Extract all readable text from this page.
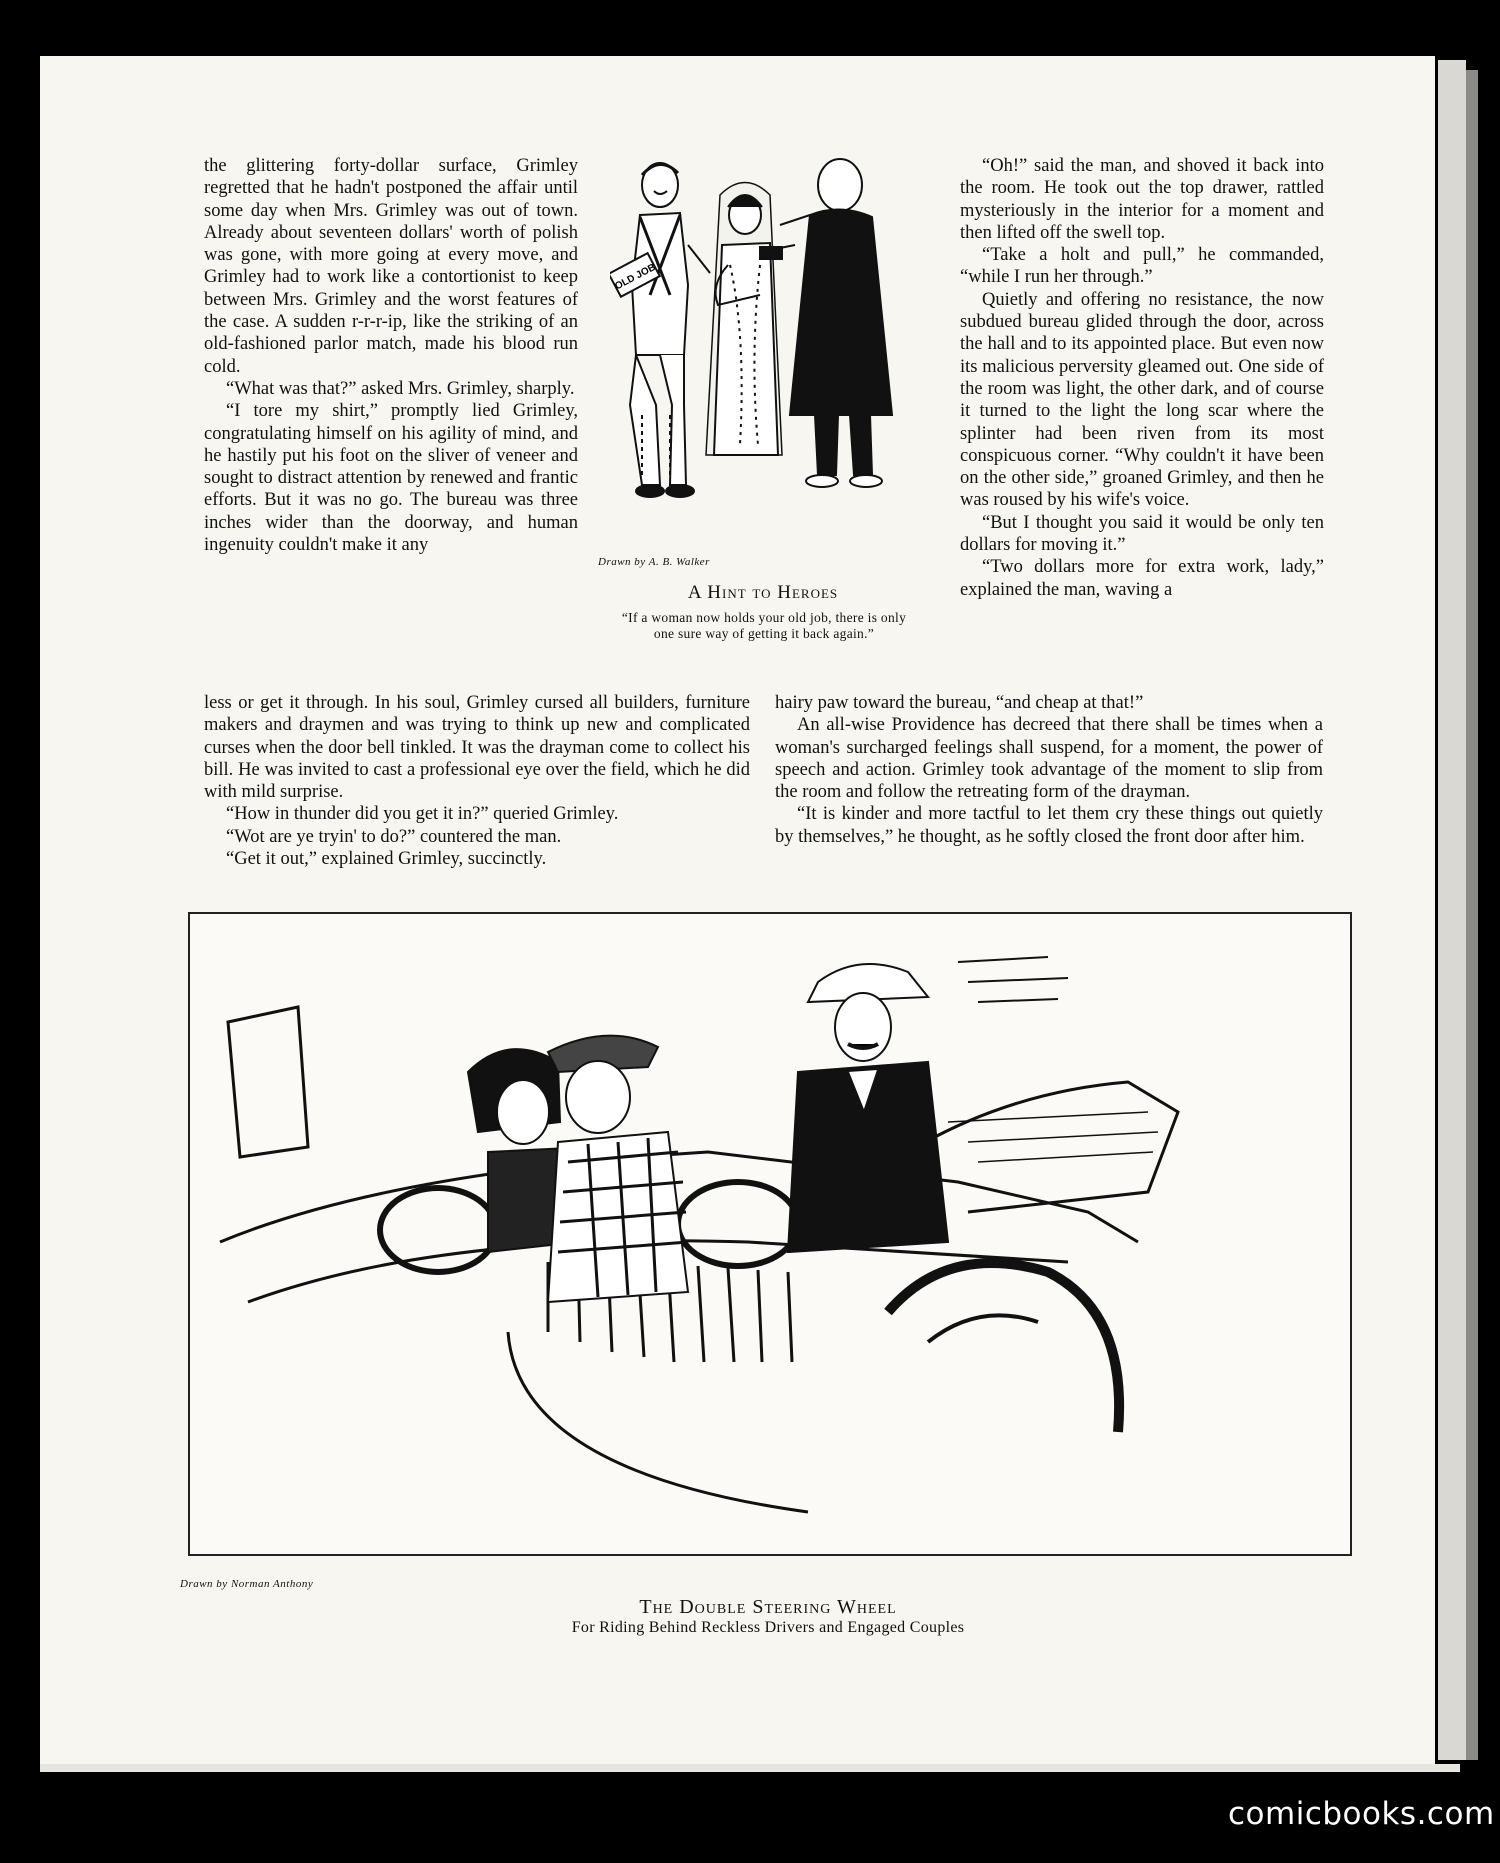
the glittering forty-dollar surface, Grimley regretted that he hadn't postponed the affair until some day when Mrs. Grimley was out of town. Already about seventeen dollars' worth of polish was gone, with more going at every move, and Grimley had to work like a contortionist to keep between Mrs. Grimley and the worst features of the case. A sudden r-r-r-ip, like the striking of an old-fashioned parlor match, made his blood run cold.

“What was that?” asked Mrs. Grimley, sharply.

“I tore my shirt,” promptly lied Grimley, congratulating himself on his agility of mind, and he hastily put his foot on the sliver of veneer and sought to distract attention by renewed and frantic efforts. But it was no go. The bureau was three inches wider than the doorway, and human ingenuity couldn't make it any

OLD JOB
Drawn by A. B. Walker
A Hint to Heroes
“If a woman now holds your old job, there is only one sure way of getting it back again.”

“Oh!” said the man, and shoved it back into the room. He took out the top drawer, rattled mysteriously in the interior for a moment and then lifted off the swell top.

“Take a holt and pull,” he commanded, “while I run her through.”

Quietly and offering no resistance, the now subdued bureau glided through the door, across the hall and to its appointed place. But even now its malicious perversity gleamed out. One side of the room was light, the other dark, and of course it turned to the light the long scar where the splinter had been riven from its most conspicuous corner. “Why couldn't it have been on the other side,” groaned Grimley, and then he was roused by his wife's voice.

“But I thought you said it would be only ten dollars for moving it.”

“Two dollars more for extra work, lady,” explained the man, waving a

less or get it through. In his soul, Grimley cursed all builders, furniture makers and draymen and was trying to think up new and complicated curses when the door bell tinkled. It was the drayman come to collect his bill. He was invited to cast a professional eye over the field, which he did with mild surprise.

“How in thunder did you get it in?” queried Grimley.

“Wot are ye tryin' to do?” countered the man.

“Get it out,” explained Grimley, succinctly.

hairy paw toward the bureau, “and cheap at that!”

An all-wise Providence has decreed that there shall be times when a woman's surcharged feelings shall suspend, for a moment, the power of speech and action. Grimley took advantage of the moment to slip from the room and follow the retreating form of the drayman.

“It is kinder and more tactful to let them cry these things out quietly by themselves,” he thought, as he softly closed the front door after him.

Drawn by Norman Anthony
The Double Steering Wheel
For Riding Behind Reckless Drivers and Engaged Couples
comicbooks.com
